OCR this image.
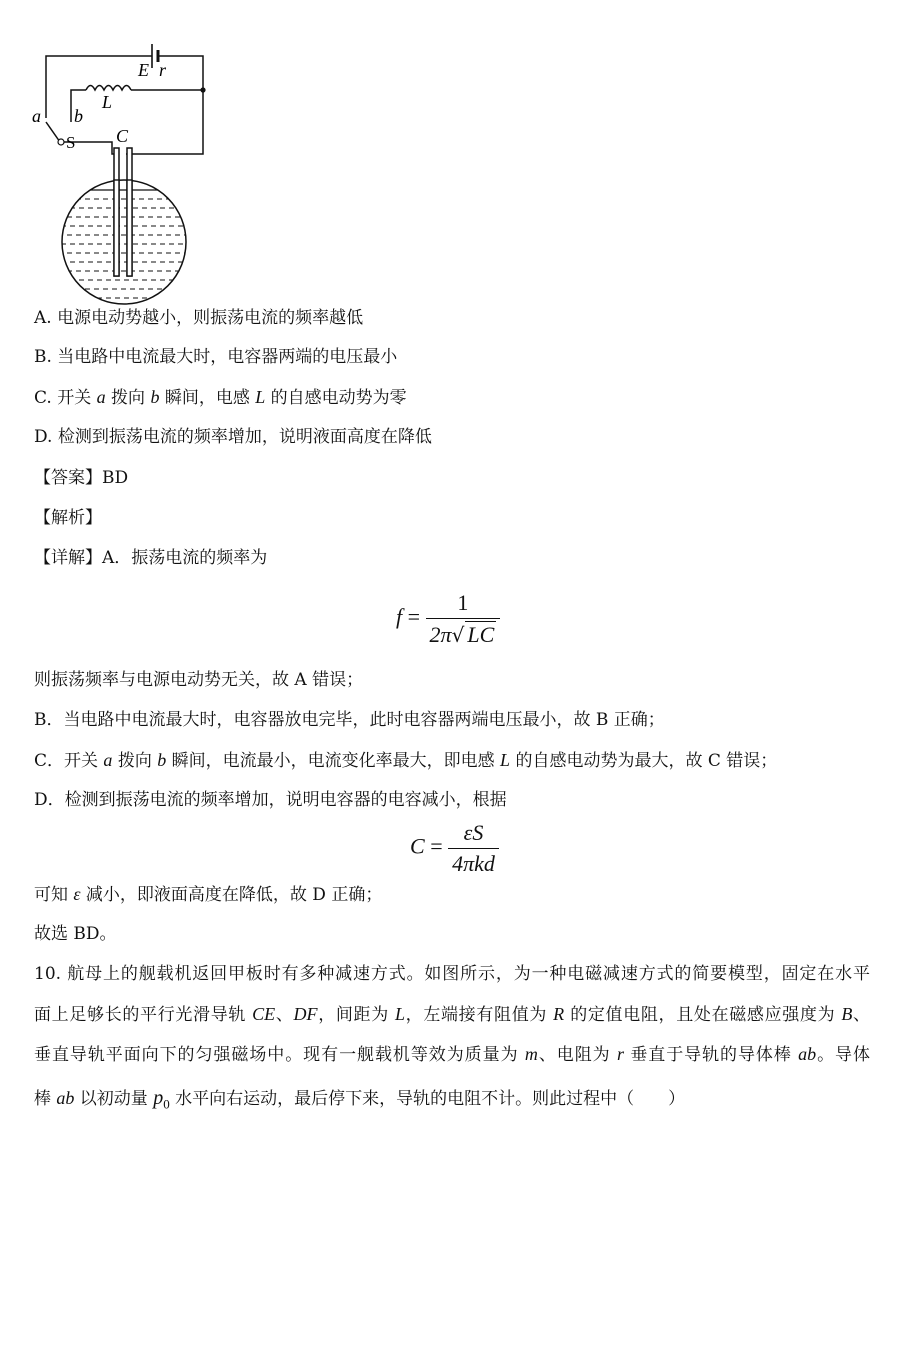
E r
L
a b
S C
A. 电源电动势越小，则振荡电流的频率越低
B. 当电路中电流最大时，电容器两端的电压最小
C. 开关 a 拨向 b 瞬间，电感 L 的自感电动势为零
D. 检测到振荡电流的频率增加，说明液面高度在降低
【答案】BD
【解析】
【详解】A．振荡电流的频率为
$f = \frac{1}{2\pi√ LC}$
则振荡频率与电源电动势无关，故 A 错误；
B．当电路中电流最大时，电容器放电完毕，此时电容器两端电压最小，故 B 正确；
C．开关 a 拨向 b 瞬间，电流最小，电流变化率最大，即电感 L 的自感电动势为最大，故 C 错误；
D．检测到振荡电流的频率增加，说明电容器的电容减小，根据
$C = \frac{\varepsilon S}{\text{4πkd}}$
可知 ε 减小，即液面高度在降低，故 D 正确；
故选 BD。
10. 航母上的舰载机返回甲板时有多种减速方式。如图所示，为一种电磁减速方式的简要模型，固定在水平
面上足够长的平行光滑导轨 CE、DF，间距为 L，左端接有阻值为 R 的定值电阻，且处在磁感应强度为 B、
垂直导轨平面向下的匀强磁场中。现有一舰载机等效为质量为 m、电阻为 r 垂直于导轨的导体棒 ab。导体
棒 ab 以初动量 $p_0$ 水平向右运动，最后停下来，导轨的电阻不计。则此过程中（　　）
